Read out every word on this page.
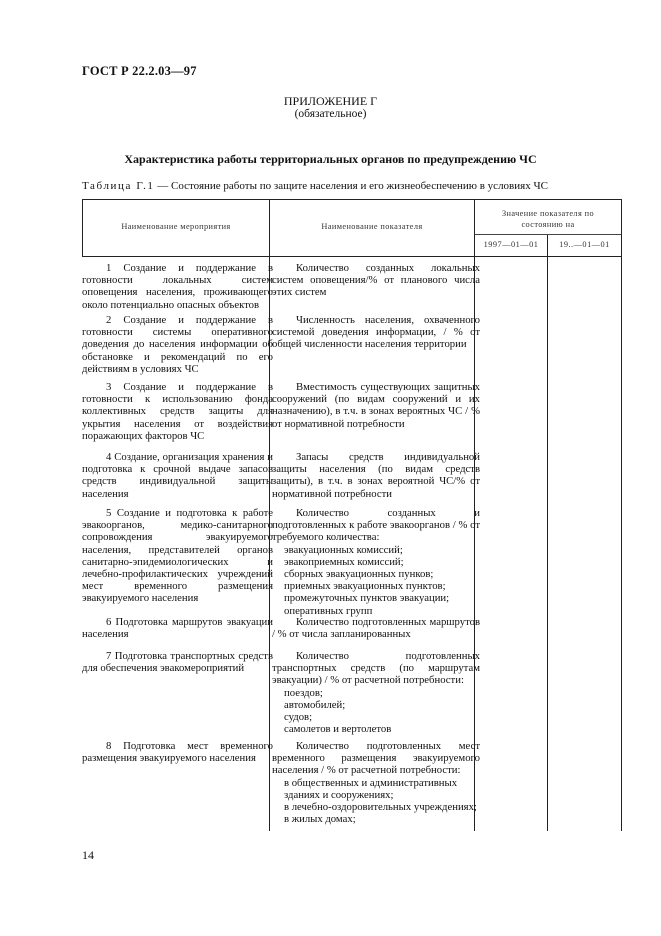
ГОСТ Р 22.2.03—97
ПРИЛОЖЕНИЕ Г
(обязательное)
Характеристика работы территориальных органов по предупреждению ЧС
Таблица Г.1 — Состояние работы по защите населения и его жизнеобеспечению в условиях ЧС
Наименование мероприятия	Наименование показателя
Значение показателя по состоянию на
1997—01—01	19..—01—01
1 Создание и поддержание в готовности локальных систем оповещения населения, проживающего около потенциально опасных объектов
Количество созданных локальных систем оповещения/% от планового числа этих систем
2 Создание и поддержание в готовности системы оперативного доведения до населения информации об обстановке и рекомендаций по его действиям в условиях ЧС
Численность населения, охваченного системой доведения информации, / % от общей численности населения территории
3 Создание и поддержание в готовности к использованию фонда коллективных средств защиты для укрытия населения от воздействия поражающих факторов ЧС
Вместимость существующих защитных сооружений (по видам сооружений и их назначению), в т.ч. в зонах вероятных ЧС / % от нормативной потребности
4 Создание, организация хранения и подготовка к срочной выдаче запасов средств индивидуальной защиты населения
Запасы средств индивидуальной защиты населения (по видам средств защиты), в т.ч. в зонах вероятной ЧС/% от нормативной потребности
5 Создание и подготовка к работе эвакоорганов, медико-санитарного сопровождения эвакуируемого населения, представителей органов санитарно-эпидемиологических и лечебно-профилактических учреждений мест временного размещения эвакуируемого населения
Количество созданных и подготовленных к работе эвакоорганов / % от требуемого количества:
эвакуационных комиссий;
эвакоприемных комиссий;
сборных эвакуационных пунков;
приемных эвакуационных пунктов;
промежуточных пунктов эвакуации;
оперативных групп
6 Подготовка маршрутов эвакуации населения
Количество подготовленных маршрутов / % от числа запланированных
7 Подготовка транспортных средств для обеспечения эвакомероприятий
Количество подготовленных транспортных средств (по маршрутам эвакуации) / % от расчетной потребности:
поездов;
автомобилей;
судов;
самолетов и вертолетов
8 Подготовка мест временного размещения эвакуируемого населения
Количество подготовленных мест временного размещения эвакуируемого населения / % от расчетной потребности:
в общественных и административных зданиях и сооружениях;
в лечебно-оздоровительных учреждениях;
в жилых домах;
14
